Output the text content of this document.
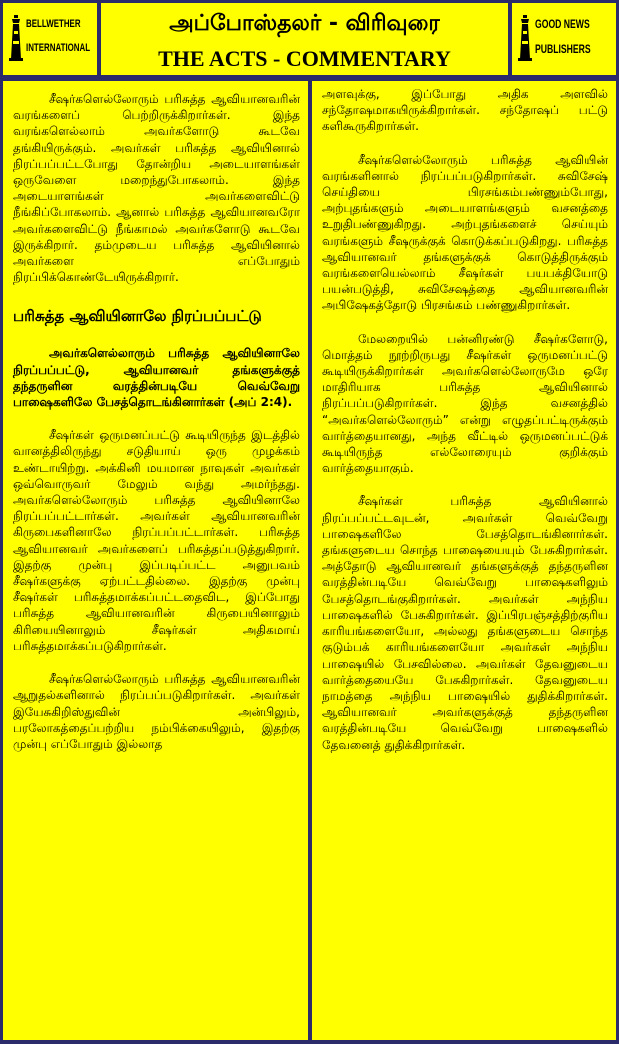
BELLWETHER
INTERNATIONAL
அப்போஸ்தலர் - விரிவுரை
THE ACTS - COMMENTARY
GOOD NEWS
PUBLISHERS

சீஷர்களெல்லோரும் பரிசுத்த ஆவியானவரின் வரங்களைப் பெற்றிருக்கிறார்கள். இந்த வரங்களெல்லாம் அவர்களோடு கூடவே தங்கியிருக்கும். அவர்கள் பரிசுத்த ஆவியினால் நிரப்பப்பட்டபோது தோன்றிய அடையாளங்கள் ஒருவேளை மறைந்துபோகலாம். இந்த அடையாளங்கள் அவர்களைவிட்டு நீங்கிப்போகலாம். ஆனால் பரிசுத்த ஆவியானவரோ அவர்களைவிட்டு நீங்காமல் அவர்களோடு கூடவே இருக்கிறார். தம்முடைய பரிசுத்த ஆவியினால் அவர்களை எப்போதும் நிரப்பிக்கொண்டேயிருக்கிறார்.

பரிசுத்த ஆவியினாலே நிரப்பப்பட்டு
அவர்களெல்லாரும் பரிசுத்த ஆவியினாலே நிரப்பப்பட்டு, ஆவியானவர் தங்களுக்குத் தந்தருளின வரத்தின்படியே வெவ்வேறு பாஷைகளிலே பேசத்தொடங்கினார்கள் (அப் 2:4).

சீஷர்கள் ஒருமனப்பட்டு கூடியிருந்த இடத்தில் வானத்திலிருந்து சடுதியாய் ஒரு முழக்கம் உண்டாயிற்று. அக்கினி மயமான நாவுகள் அவர்கள் ஒவ்வொருவர் மேலும் வந்து அமர்ந்தது. அவர்களெல்லோரும் பரிசுத்த ஆவியினாலே நிரப்பப்பட்டார்கள். அவர்கள் ஆவியானவரின் கிருபைகளினாலே நிரப்பப்பட்டார்கள். பரிசுத்த ஆவியானவர் அவர்களைப் பரிசுத்தப்படுத்துகிறார். இதற்கு முன்பு இப்படிப்பட்ட அனுபவம் சீஷர்களுக்கு ஏற்பட்டதில்லை. இதற்கு முன்பு சீஷர்கள் பரிசுத்தமாக்கப்பட்டதைவிட, இப்போது பரிசுத்த ஆவியானவரின் கிருபையினாலும் கிரியையினாலும் சீஷர்கள் அதிகமாய் பரிசுத்தமாக்கப்படுகிறார்கள்.

சீஷர்களெல்லோரும் பரிசுத்த ஆவியானவரின் ஆறுதல்களினால் நிரப்பப்படுகிறார்கள். அவர்கள் இயேசுகிறிஸ்துவின் அன்பிலும், பரலோகத்தைப்பற்றிய நம்பிக்கையிலும், இதற்கு முன்பு எப்போதும் இல்லாத

அளவுக்கு, இப்போது அதிக அளவில் சந்தோஷமாகயிருக்கிறார்கள். சந்தோஷப் பட்டு களிகூருகிறார்கள்.

சீஷர்களெல்லோரும் பரிசுத்த ஆவியின் வரங்களினால் நிரப்பப்படுகிறார்கள். சுவிசேஷ் செய்தியை பிரசங்கம்பண்ணும்போது, அற்புதங்களும் அடையாளங்களும் வசனத்தை உறுதிபண்ணுகிறது. அற்புதங்களைச் செய்யும் வரங்களும் சீஷருக்குக் கொடுக்கப்படுகிறது. பரிசுத்த ஆவியானவர் தங்களுக்குக் கொடுத்திருக்கும் வரங்களையெல்லாம் சீஷர்கள் பயபக்தியோடு பயன்படுத்தி, சுவிசேஷத்தை ஆவியானவரின் அபிஷேகத்தோடு பிரசங்கம் பண்ணுகிறார்கள்.

மேலறையில் பன்னிரண்டு சீஷர்களோடு, மொத்தம் நூற்றிருபது சீஷர்கள் ஒருமனப்பட்டு கூடியிருக்கிறார்கள் அவர்களெல்லோருமே ஒரே மாதிரியாக பரிசுத்த ஆவியினால் நிரப்பப்படுகிறார்கள். இந்த வசனத்தில் “அவர்களெல்லோரும்” என்று எழுதப்பட்டிருக்கும் வார்த்தையானது, அந்த வீட்டில் ஒருமனப்பட்டுக் கூடியிருந்த எல்லோரையும் குறிக்கும் வார்த்தையாகும்.

சீஷர்கள் பரிசுத்த ஆவியினால் நிரப்பப்பட்டவுடன், அவர்கள் வெவ்வேறு பாஷைகளிலே பேசத்தொடங்கினார்கள். தங்களுடைய சொந்த பாஷையையும் பேசுகிறார்கள். அத்தோடு ஆவியானவர் தங்களுக்குத் தந்தருளின வரத்தின்படியே வெவ்வேறு பாஷைகளிலும் பேசத்தொடங்குகிறார்கள். அவர்கள் அந்நிய பாஷைகளில் பேசுகிறார்கள். இப்பிரபஞ்சத்திற்குரிய காரியங்களையோ, அல்லது தங்களுடைய சொந்த குடும்பக் காரியங்களையோ அவர்கள் அந்நிய பாஷையில் பேசவில்லை. அவர்கள் தேவனுடைய வார்த்தையையே பேசுகிறார்கள். தேவனுடைய நாமத்தை அந்நிய பாஷையில் துதிக்கிறார்கள். ஆவியானவர் அவர்களுக்குத் தந்தருளின வரத்தின்படியே வெவ்வேறு பாஷைகளில் தேவனைத் துதிக்கிறார்கள்.
